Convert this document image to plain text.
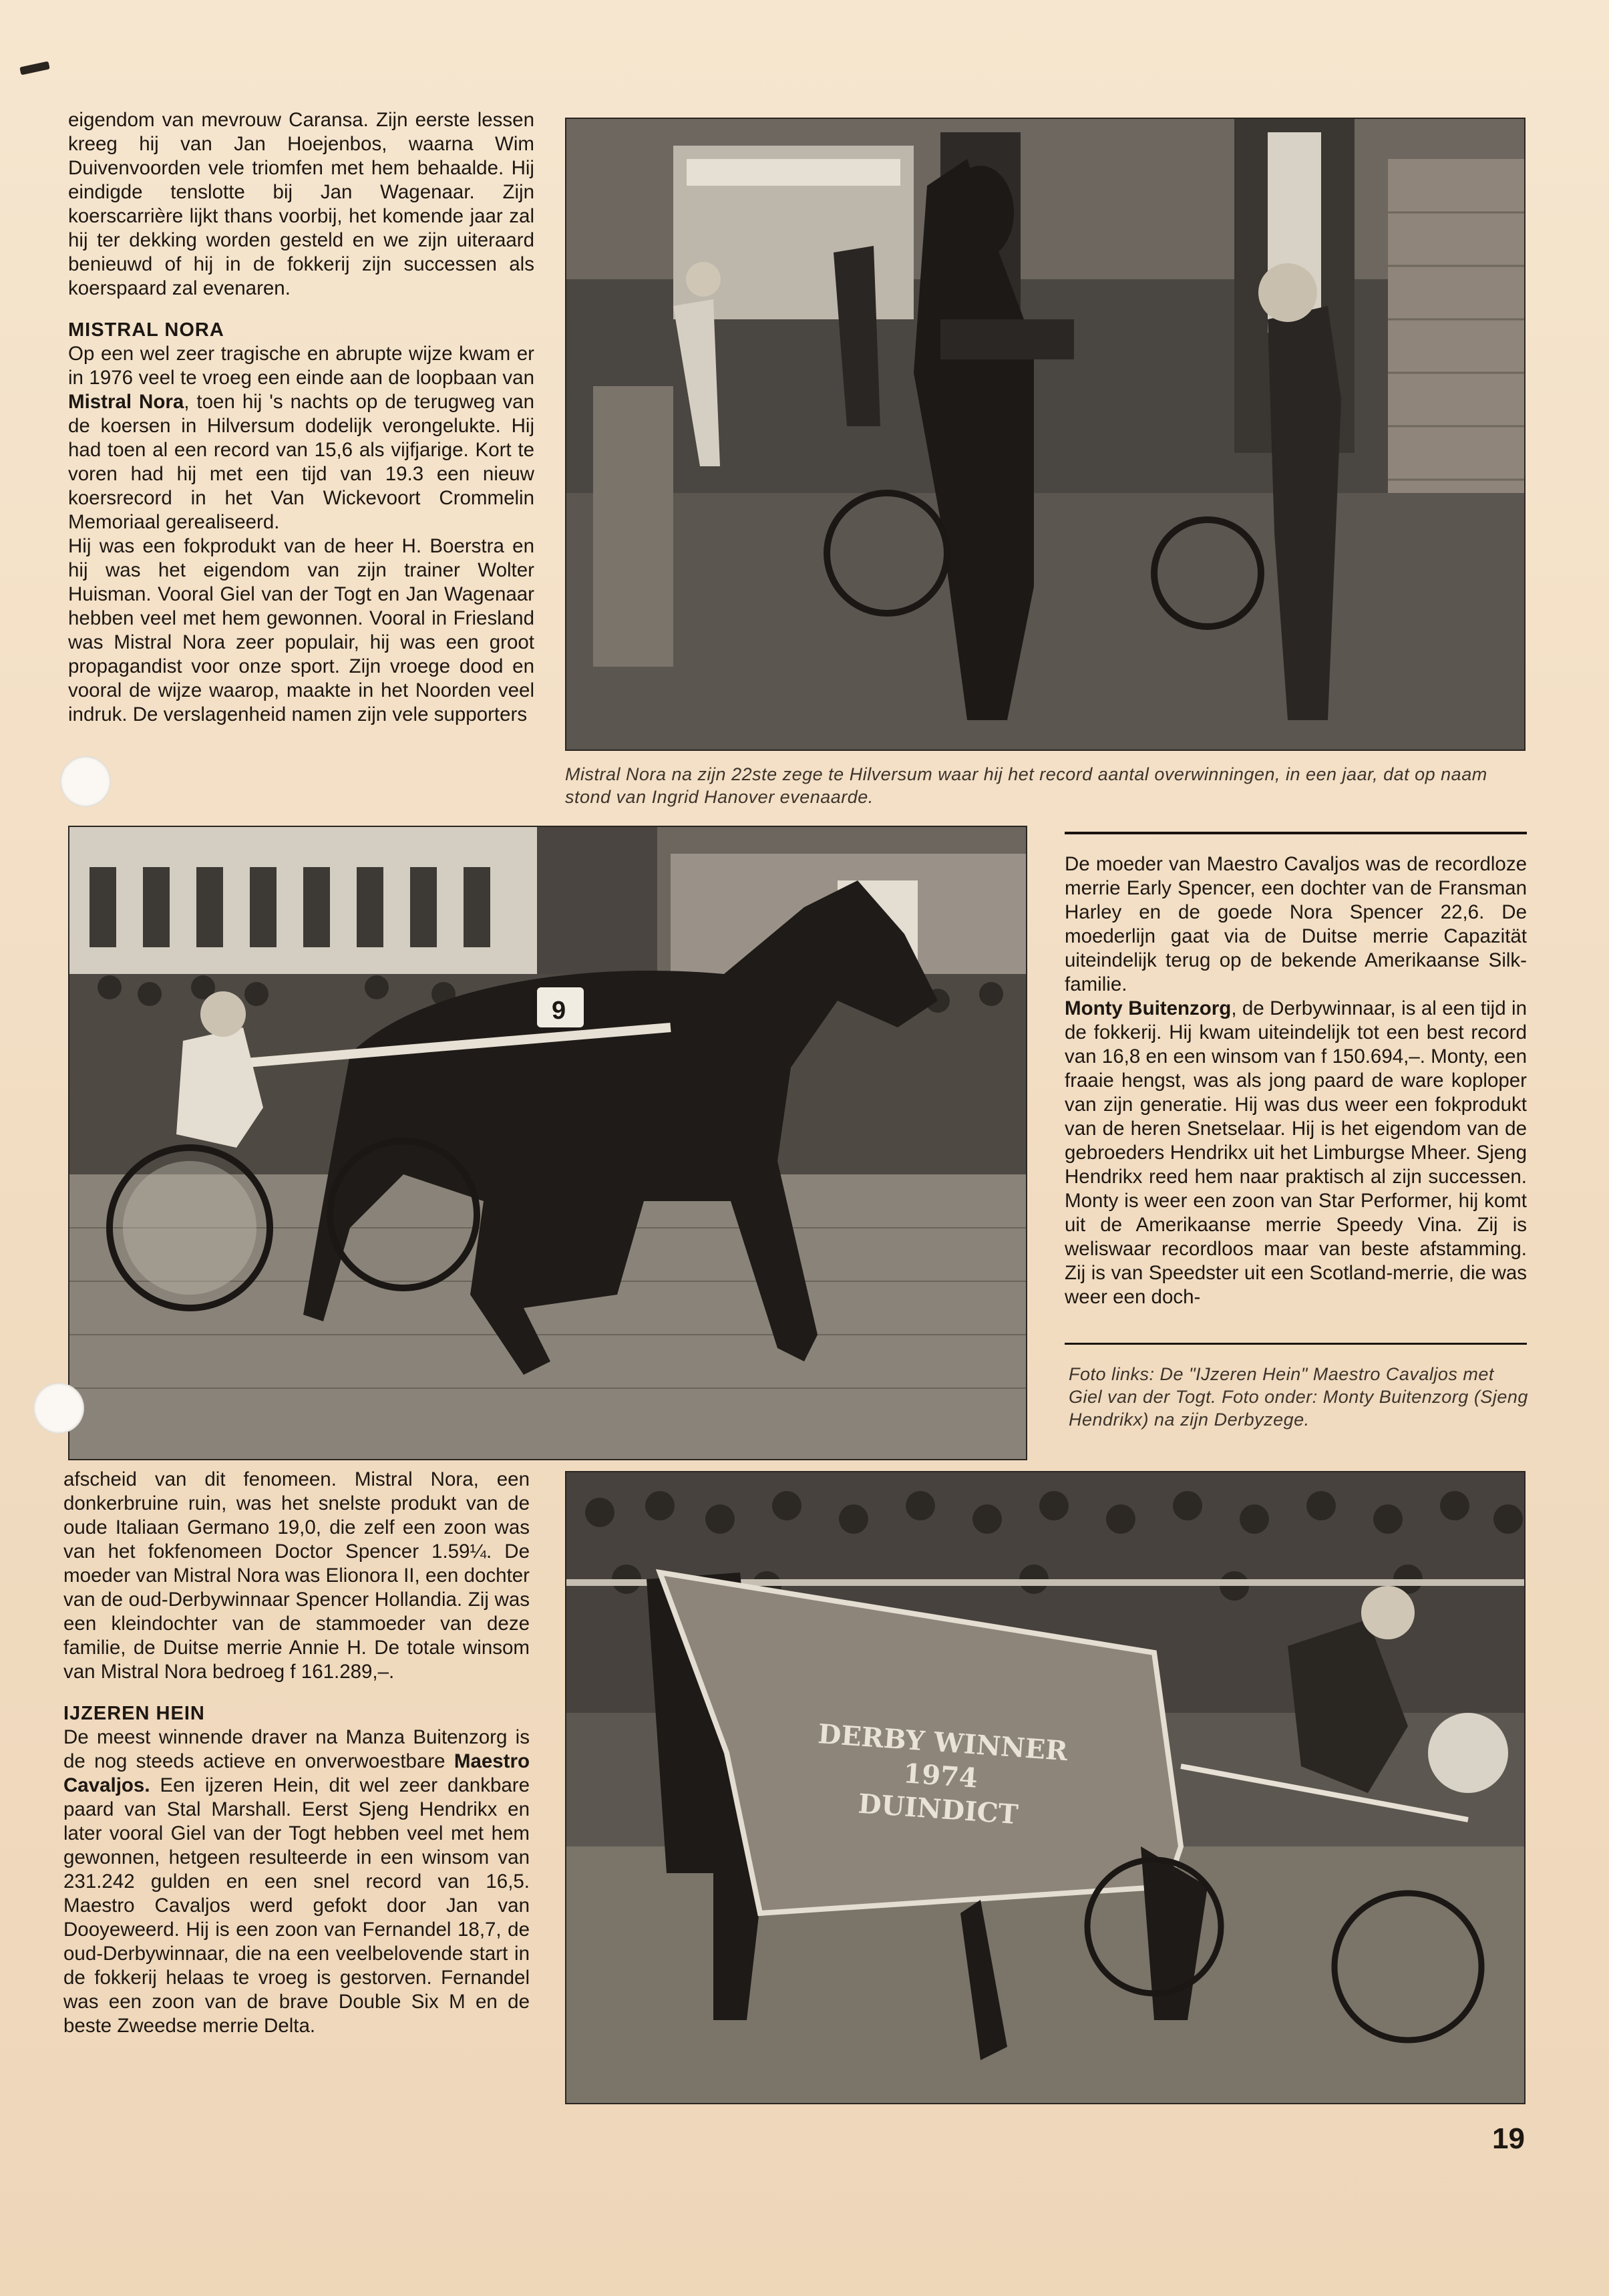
eigendom van mevrouw Caransa. Zijn eerste lessen kreeg hij van Jan Hoejenbos, waarna Wim Duivenvoorden vele triomfen met hem behaalde. Hij eindigde tenslotte bij Jan Wagenaar. Zijn koerscarrière lijkt thans voorbij, het komende jaar zal hij ter dekking worden gesteld en we zijn uiteraard benieuwd of hij in de fokkerij zijn successen als koerspaard zal evenaren.

MISTRAL NORA

Op een wel zeer tragische en abrupte wijze kwam er in 1976 veel te vroeg een einde aan de loopbaan van Mistral Nora, toen hij 's nachts op de terugweg van de koersen in Hilversum dodelijk verongelukte. Hij had toen al een record van 15,6 als vijfjarige. Kort te voren had hij met een tijd van 19.3 een nieuw koersrecord in het Van Wickevoort Crommelin Memoriaal gerealiseerd.

Hij was een fokprodukt van de heer H. Boerstra en hij was het eigendom van zijn trainer Wolter Huisman. Vooral Giel van der Togt en Jan Wagenaar hebben veel met hem gewonnen. Vooral in Friesland was Mistral Nora zeer populair, hij was een groot propagandist voor onze sport. Zijn vroege dood en vooral de wijze waarop, maakte in het Noorden veel indruk. De verslagenheid namen zijn vele supporters

Mistral Nora na zijn 22ste zege te Hilversum waar hij het record aantal overwinningen, in een jaar, dat op naam stond van Ingrid Hanover evenaarde.
9

De moeder van Maestro Cavaljos was de recordloze merrie Early Spencer, een dochter van de Fransman Harley en de goede Nora Spencer 22,6. De moederlijn gaat via de Duitse merrie Capazität uiteindelijk terug op de bekende Amerikaanse Silk-familie.

Monty Buitenzorg, de Derbywinnaar, is al een tijd in de fokkerij. Hij kwam uiteindelijk tot een best record van 16,8 en een winsom van f 150.694,–. Monty, een fraaie hengst, was als jong paard de ware koploper van zijn generatie. Hij was dus weer een fokprodukt van de heren Snetselaar. Hij is het eigendom van de gebroeders Hendrikx uit het Limburgse Mheer. Sjeng Hendrikx reed hem naar praktisch al zijn successen. Monty is weer een zoon van Star Performer, hij komt uit de Amerikaanse merrie Speedy Vina. Zij is weliswaar recordloos maar van beste afstamming. Zij is van Speedster uit een Scotland-merrie, die was weer een doch-

Foto links: De "IJzeren Hein" Maestro Cavaljos met Giel van der Togt. Foto onder: Monty Buitenzorg (Sjeng Hendrikx) na zijn Derbyzege.

afscheid van dit fenomeen. Mistral Nora, een donkerbruine ruin, was het snelste produkt van de oude Italiaan Germano 19,0, die zelf een zoon was van het fokfenomeen Doctor Spencer 1.59¼. De moeder van Mistral Nora was Elionora II, een dochter van de oud-Derbywinnaar Spencer Hollandia. Zij was een kleindochter van de stammoeder van deze familie, de Duitse merrie Annie H. De totale winsom van Mistral Nora bedroeg f 161.289,–.

IJZEREN HEIN

De meest winnende draver na Manza Buitenzorg is de nog steeds actieve en onverwoestbare Maestro Cavaljos. Een ijzeren Hein, dit wel zeer dankbare paard van Stal Marshall. Eerst Sjeng Hendrikx en later vooral Giel van der Togt hebben veel met hem gewonnen, hetgeen resulteerde in een winsom van 231.242 gulden en een snel record van 16,5. Maestro Cavaljos werd gefokt door Jan van Dooyeweerd. Hij is een zoon van Fernandel 18,7, de oud-Derbywinnaar, die na een veelbelovende start in de fokkerij helaas te vroeg is gestorven. Fernandel was een zoon van de brave Double Six M en de beste Zweedse merrie Delta.

DERBY WINNER
1974
DUINDICT
19
